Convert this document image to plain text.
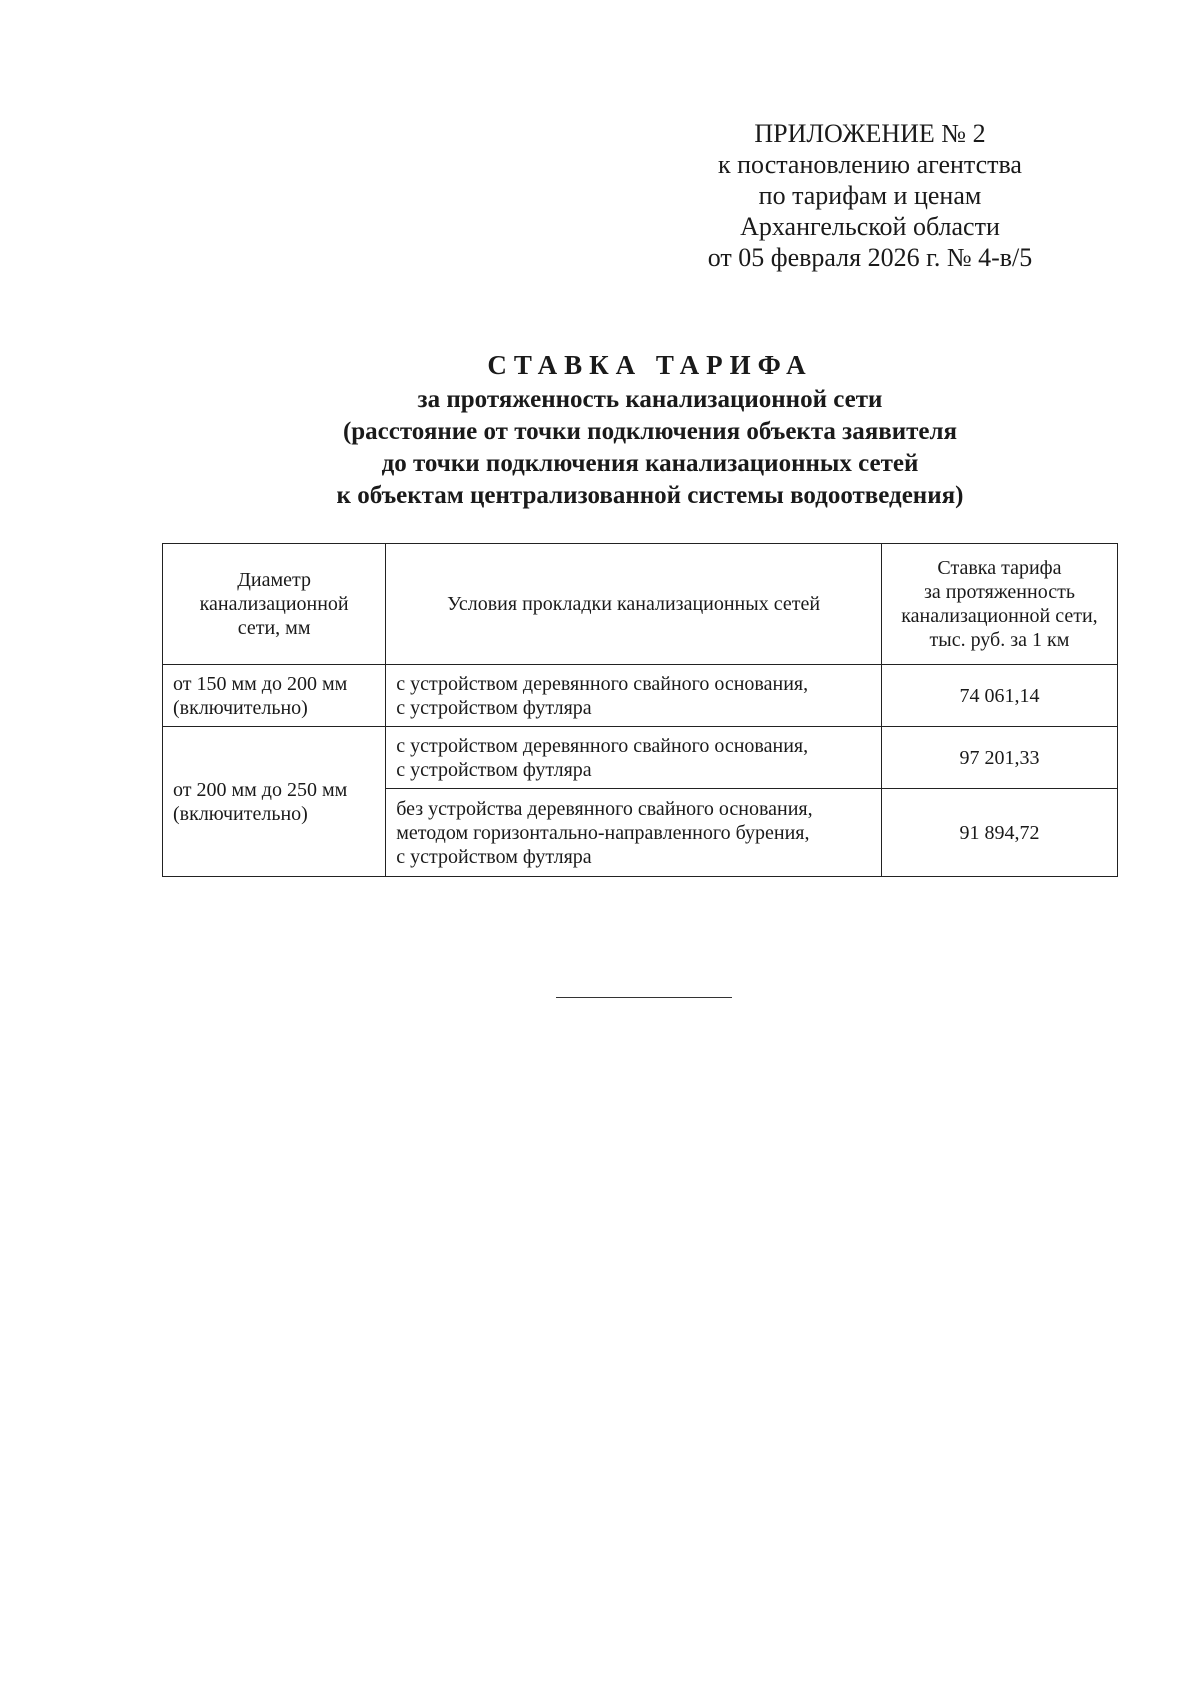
ПРИЛОЖЕНИЕ № 2
к постановлению агентства
по тарифам и ценам
Архангельской области
от 05 февраля 2026 г. № 4-в/5
СТАВКА ТАРИФА
за протяженность канализационной сети
(расстояние от точки подключения объекта заявителя
до точки подключения канализационных сетей
к объектам централизованной системы водоотведения)
Диаметр
канализационной
сети, мм	Условия прокладки канализационных сетей	Ставка тарифа
за протяженность
канализационной сети,
тыс. руб. за 1 км

от 150 мм до 200 мм
(включительно)	с устройством деревянного свайного основания,
с устройством футляра	74 061,14

от 200 мм до 250 мм
(включительно)	с устройством деревянного свайного основания,
с устройством футляра	97 201,33

	без устройства деревянного свайного основания,
методом горизонтально-направленного бурения,
с устройством футляра	91 894,72
